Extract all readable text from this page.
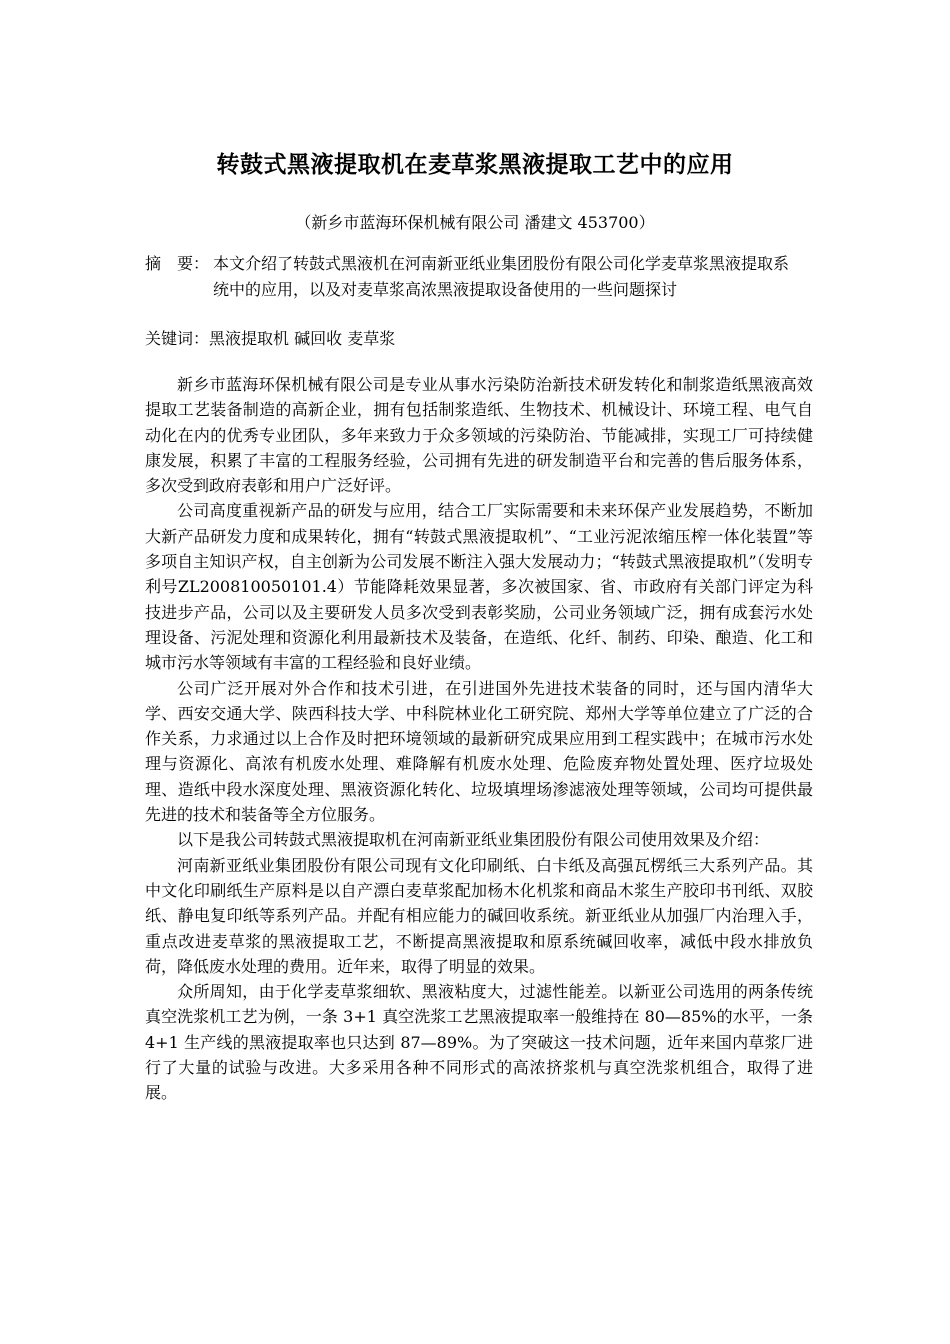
转鼓式黑液提取机在麦草浆黑液提取工艺中的应用
（新乡市蓝海环保机械有限公司 潘建文 453700）
摘　要： 本文介绍了转鼓式黑液机在河南新亚纸业集团股份有限公司化学麦草浆黑液提取系统中的应用，以及对麦草浆高浓黑液提取设备使用的一些问题探讨
关键词：黑液提取机 碱回收 麦草浆

新乡市蓝海环保机械有限公司是专业从事水污染防治新技术研发转化和制浆造纸黑液高效提取工艺装备制造的高新企业，拥有包括制浆造纸、生物技术、机械设计、环境工程、电气自动化在内的优秀专业团队，多年来致力于众多领域的污染防治、节能减排，实现工厂可持续健康发展，积累了丰富的工程服务经验，公司拥有先进的研发制造平台和完善的售后服务体系，多次受到政府表彰和用户广泛好评。

公司高度重视新产品的研发与应用，结合工厂实际需要和未来环保产业发展趋势，不断加大新产品研发力度和成果转化，拥有“转鼓式黑液提取机”、“工业污泥浓缩压榨一体化装置”等多项自主知识产权，自主创新为公司发展不断注入强大发展动力；“转鼓式黑液提取机”（发明专利号ZL200810050101.4）节能降耗效果显著，多次被国家、省、市政府有关部门评定为科技进步产品，公司以及主要研发人员多次受到表彰奖励，公司业务领域广泛，拥有成套污水处理设备、污泥处理和资源化利用最新技术及装备，在造纸、化纤、制药、印染、酿造、化工和城市污水等领域有丰富的工程经验和良好业绩。

公司广泛开展对外合作和技术引进，在引进国外先进技术装备的同时，还与国内清华大学、西安交通大学、陕西科技大学、中科院林业化工研究院、郑州大学等单位建立了广泛的合作关系，力求通过以上合作及时把环境领域的最新研究成果应用到工程实践中；在城市污水处理与资源化、高浓有机废水处理、难降解有机废水处理、危险废弃物处置处理、医疗垃圾处理、造纸中段水深度处理、黑液资源化转化、垃圾填埋场渗滤液处理等领域，公司均可提供最先进的技术和装备等全方位服务。

以下是我公司转鼓式黑液提取机在河南新亚纸业集团股份有限公司使用效果及介绍：

河南新亚纸业集团股份有限公司现有文化印刷纸、白卡纸及高强瓦楞纸三大系列产品。其中文化印刷纸生产原料是以自产漂白麦草浆配加杨木化机浆和商品木浆生产胶印书刊纸、双胶纸、静电复印纸等系列产品。并配有相应能力的碱回收系统。新亚纸业从加强厂内治理入手，重点改进麦草浆的黑液提取工艺，不断提高黑液提取和原系统碱回收率，减低中段水排放负荷，降低废水处理的费用。近年来，取得了明显的效果。

众所周知，由于化学麦草浆细软、黑液粘度大，过滤性能差。以新亚公司选用的两条传统真空洗浆机工艺为例，一条 3+1 真空洗浆工艺黑液提取率一般维持在 80—85%的水平，一条 4+1 生产线的黑液提取率也只达到 87—89%。为了突破这一技术问题，近年来国内草浆厂进行了大量的试验与改进。大多采用各种不同形式的高浓挤浆机与真空洗浆机组合，取得了进展。
